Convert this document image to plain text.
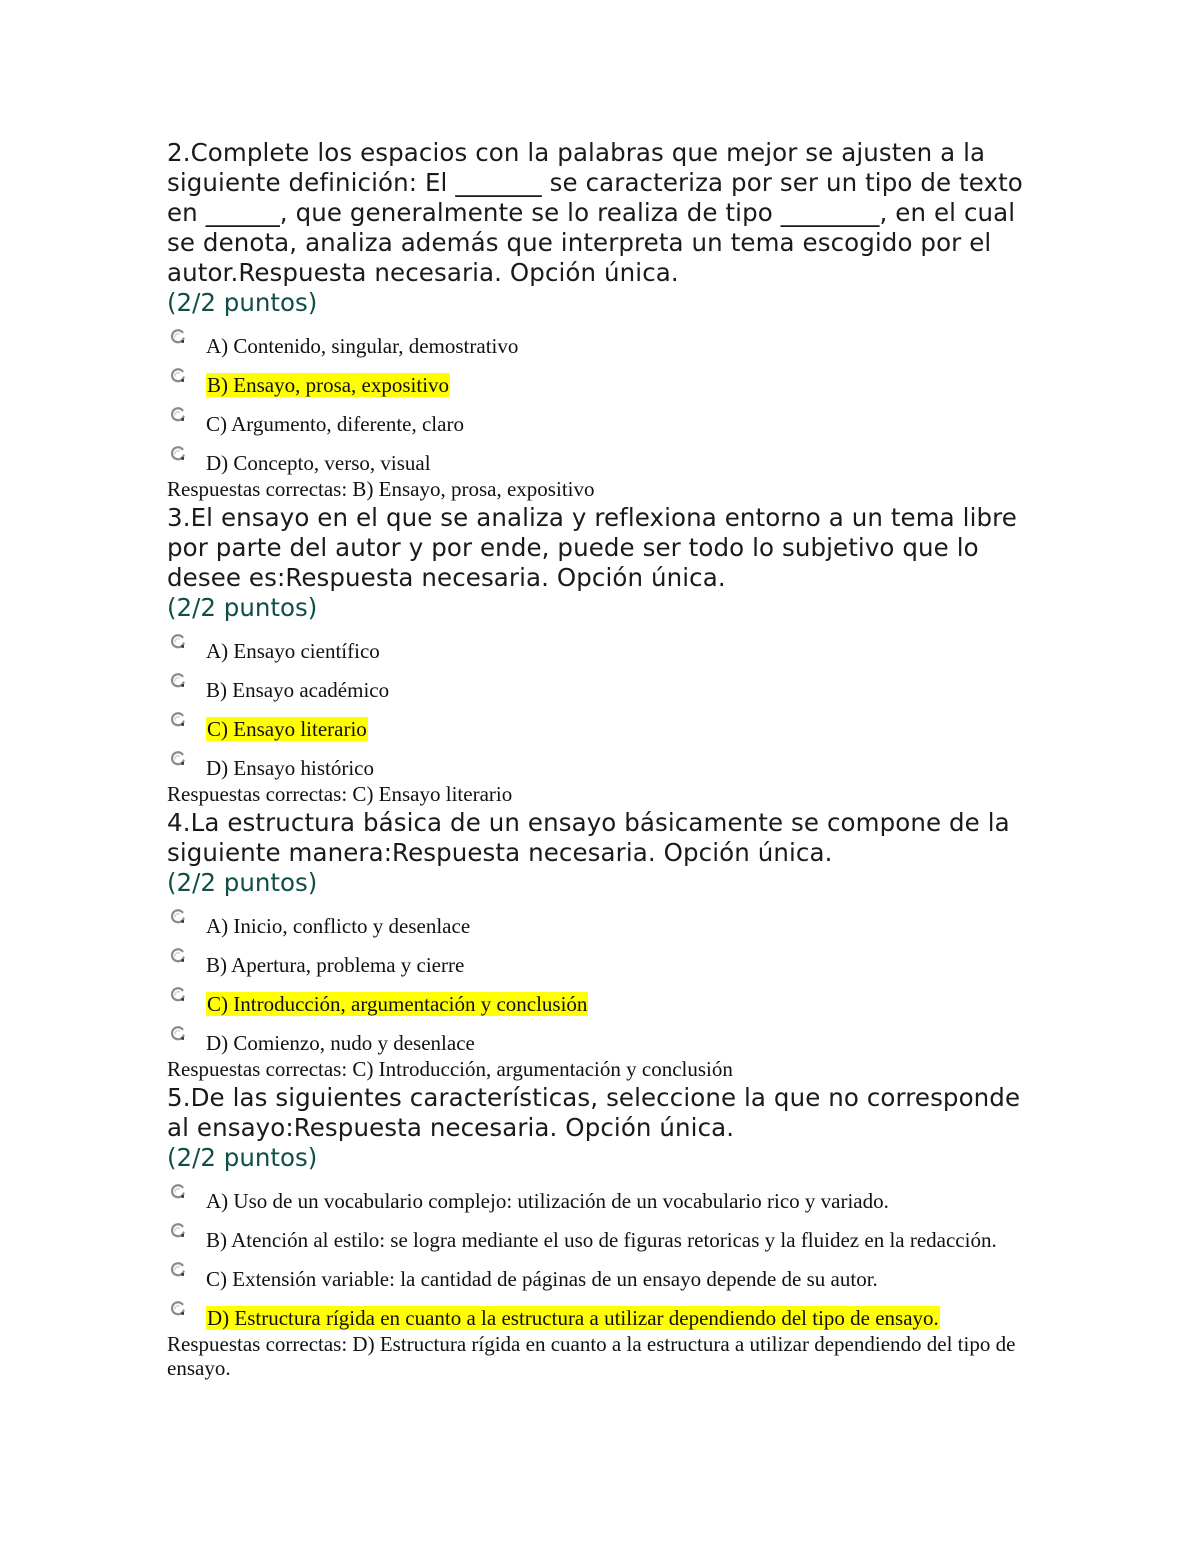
2.Complete los espacios con la palabras que mejor se ajusten a la siguiente definición: El _______ se caracteriza por ser un tipo de texto en ______, que generalmente se lo realiza de tipo ________, en el cual se denota, analiza además que interpreta un tema escogido por el autor.Respuesta necesaria. Opción única.
(2/2 puntos)
A) Contenido, singular, demostrativo
B) Ensayo, prosa, expositivo
C) Argumento, diferente, claro
D) Concepto, verso, visual
Respuestas correctas: B) Ensayo, prosa, expositivo
3.El ensayo en el que se analiza y reflexiona entorno a un tema libre por parte del autor y por ende, puede ser todo lo subjetivo que lo desee es:Respuesta necesaria. Opción única.
(2/2 puntos)
A) Ensayo científico
B) Ensayo académico
C) Ensayo literario
D) Ensayo histórico
Respuestas correctas: C) Ensayo literario
4.La estructura básica de un ensayo básicamente se compone de la siguiente manera:Respuesta necesaria. Opción única.
(2/2 puntos)
A) Inicio, conflicto y desenlace
B) Apertura, problema y cierre
C) Introducción, argumentación y conclusión
D) Comienzo, nudo y desenlace
Respuestas correctas: C) Introducción, argumentación y conclusión
5.De las siguientes características, seleccione la que no corresponde al ensayo:Respuesta necesaria. Opción única.
(2/2 puntos)
A) Uso de un vocabulario complejo: utilización de un vocabulario rico y variado.
B) Atención al estilo: se logra mediante el uso de figuras retoricas y la fluidez en la redacción.
C) Extensión variable: la cantidad de páginas de un ensayo depende de su autor.
D) Estructura rígida en cuanto a la estructura a utilizar dependiendo del tipo de ensayo.
Respuestas correctas: D) Estructura rígida en cuanto a la estructura a utilizar dependiendo del tipo de ensayo.
